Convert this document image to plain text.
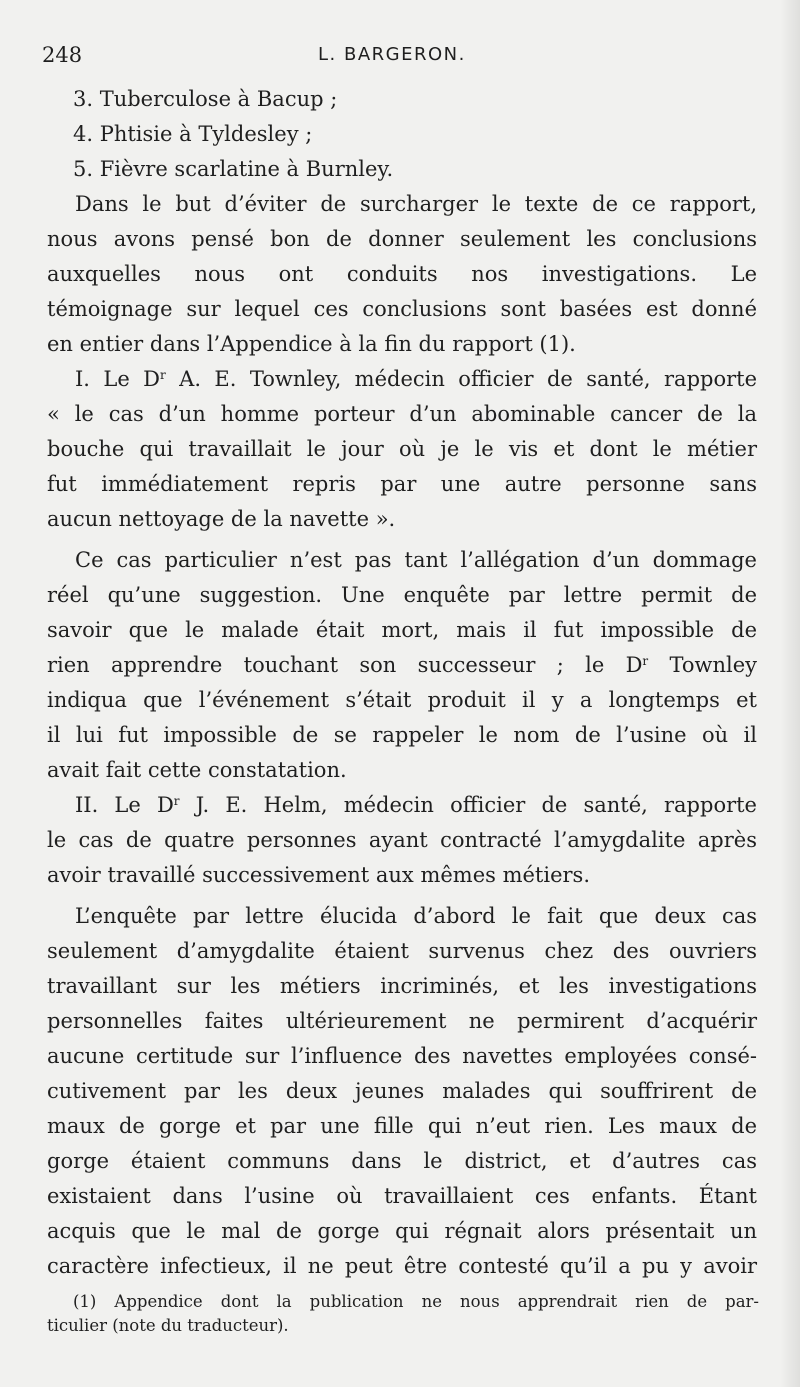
248	L. BARGERON.
3. Tuberculose à Bacup ;
4. Phtisie à Tyldesley ;
5. Fièvre scarlatine à Burnley.
Dans le but d’éviter de surcharger le texte de ce rapport,
nous avons pensé bon de donner seulement les conclusions
auxquelles nous ont conduits nos investigations. Le
témoignage sur lequel ces conclusions sont basées est donné
en entier dans l’Appendice à la fin du rapport (1).
I. Le $D^r$ A. E. Townley, médecin officier de santé, rapporte
« le cas d’un homme porteur d’un abominable cancer de la
bouche qui travaillait le jour où je le vis et dont le métier
fut immédiatement repris par une autre personne sans
aucun nettoyage de la navette ».
Ce cas particulier n’est pas tant l’allégation d’un dommage
réel qu’une suggestion. Une enquête par lettre permit de
savoir que le malade était mort, mais il fut impossible de
rien apprendre touchant son successeur ; le $D^r$ Townley
indiqua que l’événement s’était produit il y a longtemps et
il lui fut impossible de se rappeler le nom de l’usine où il
avait fait cette constatation.
II. Le $D^r$ J. E. Helm, médecin officier de santé, rapporte
le cas de quatre personnes ayant contracté l’amygdalite après
avoir travaillé successivement aux mêmes métiers.
L’enquête par lettre élucida d’abord le fait que deux cas
seulement d’amygdalite étaient survenus chez des ouvriers
travaillant sur les métiers incriminés, et les investigations
personnelles faites ultérieurement ne permirent d’acquérir
aucune certitude sur l’influence des navettes employées consé-
cutivement par les deux jeunes malades qui souffrirent de
maux de gorge et par une fille qui n’eut rien. Les maux de
gorge étaient communs dans le district, et d’autres cas
existaient dans l’usine où travaillaient ces enfants. Étant
acquis que le mal de gorge qui régnait alors présentait un
caractère infectieux, il ne peut être contesté qu’il a pu y avoir
(1) Appendice dont la publication ne nous apprendrait rien de par-
ticulier (note du traducteur).
